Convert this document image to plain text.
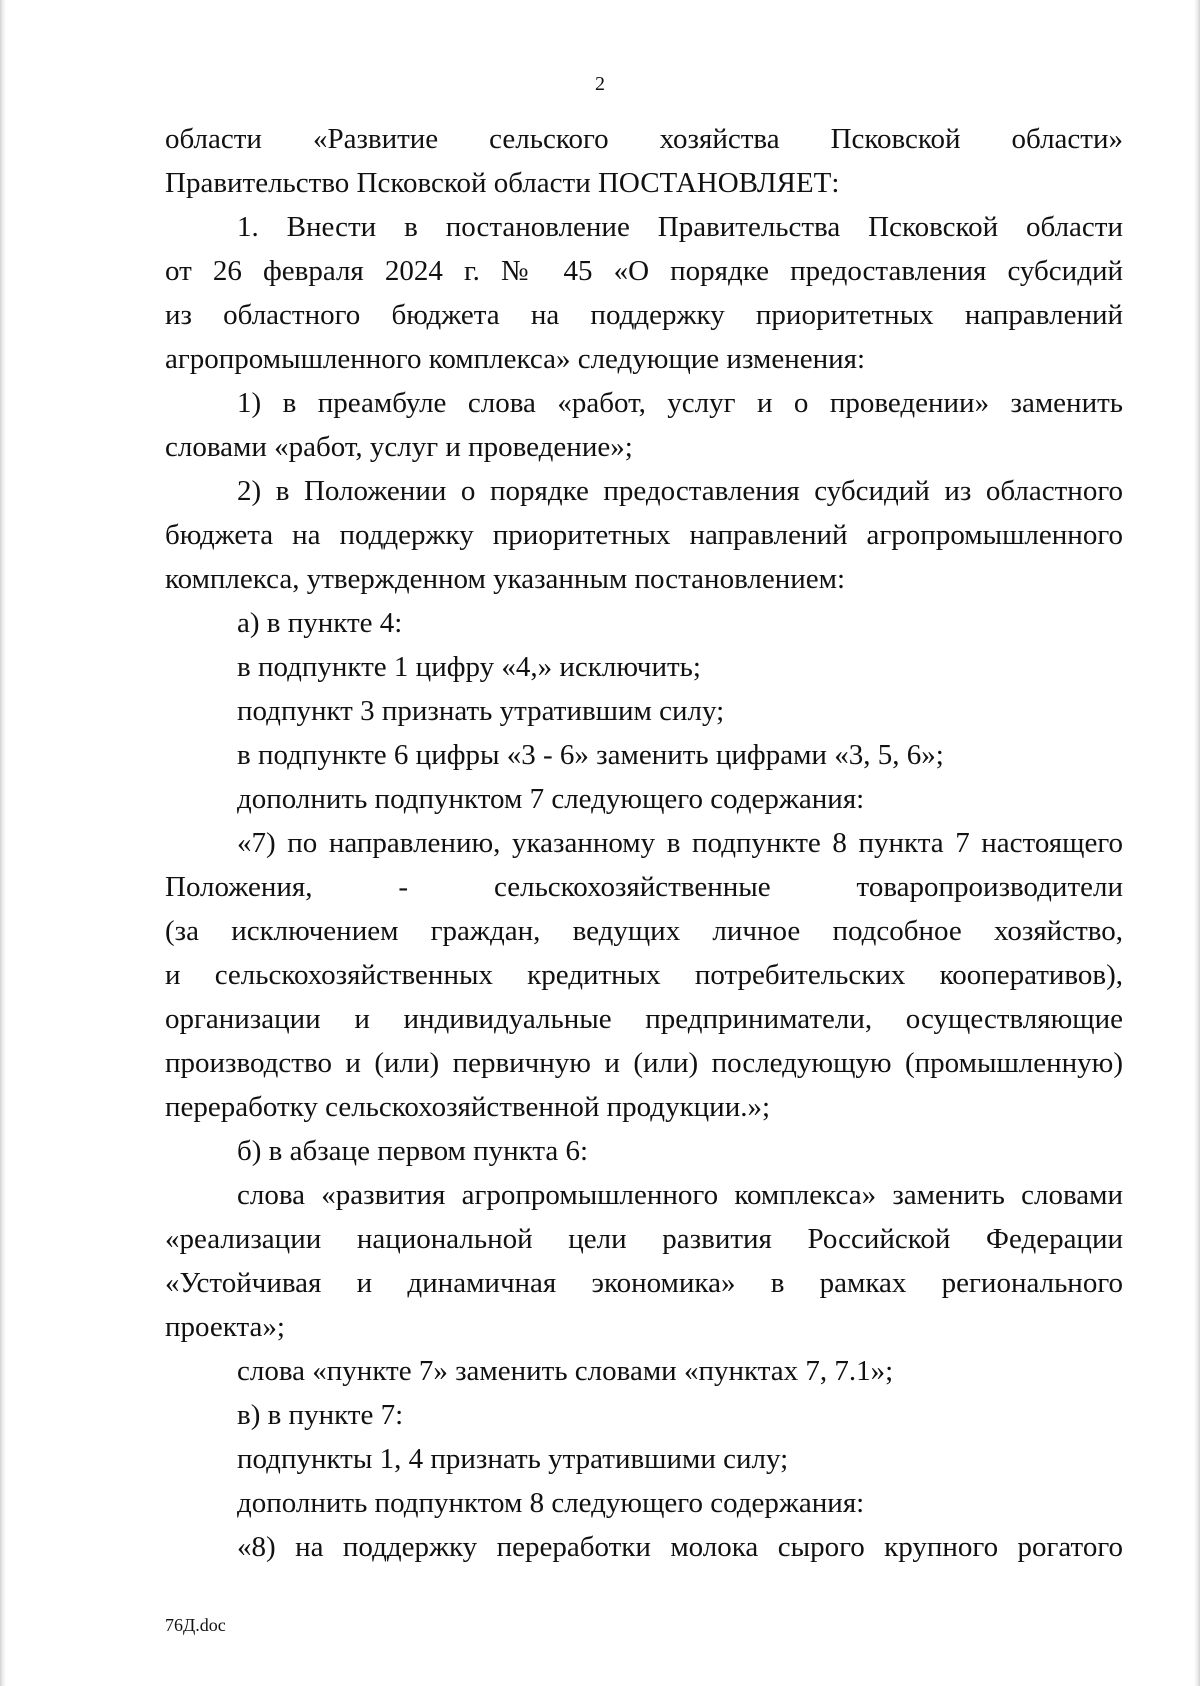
2
области «Развитие сельского хозяйства Псковской области»
Правительство Псковской области ПОСТАНОВЛЯЕТ:
1. Внести в постановление Правительства Псковской области
от 26 февраля 2024 г. № 45 «О порядке предоставления субсидий
из областного бюджета на поддержку приоритетных направлений
агропромышленного комплекса» следующие изменения:
1) в преамбуле слова «работ, услуг и о проведении» заменить
словами «работ, услуг и проведение»;
2) в Положении о порядке предоставления субсидий из областного
бюджета на поддержку приоритетных направлений агропромышленного
комплекса, утвержденном указанным постановлением:
а) в пункте 4:
в подпункте 1 цифру «4,» исключить;
подпункт 3 признать утратившим силу;
в подпункте 6 цифры «3 - 6» заменить цифрами «3, 5, 6»;
дополнить подпунктом 7 следующего содержания:
«7) по направлению, указанному в подпункте 8 пункта 7 настоящего
Положения, - сельскохозяйственные товаропроизводители
(за исключением граждан, ведущих личное подсобное хозяйство,
и сельскохозяйственных кредитных потребительских кооперативов),
организации и индивидуальные предприниматели, осуществляющие
производство и (или) первичную и (или) последующую (промышленную)
переработку сельскохозяйственной продукции.»;
б) в абзаце первом пункта 6:
слова «развития агропромышленного комплекса» заменить словами
«реализации национальной цели развития Российской Федерации
«Устойчивая и динамичная экономика» в рамках регионального
проекта»;
слова «пункте 7» заменить словами «пунктах 7, 7.1»;
в) в пункте 7:
подпункты 1, 4 признать утратившими силу;
дополнить подпунктом 8 следующего содержания:
«8) на поддержку переработки молока сырого крупного рогатого
76Д.doc
